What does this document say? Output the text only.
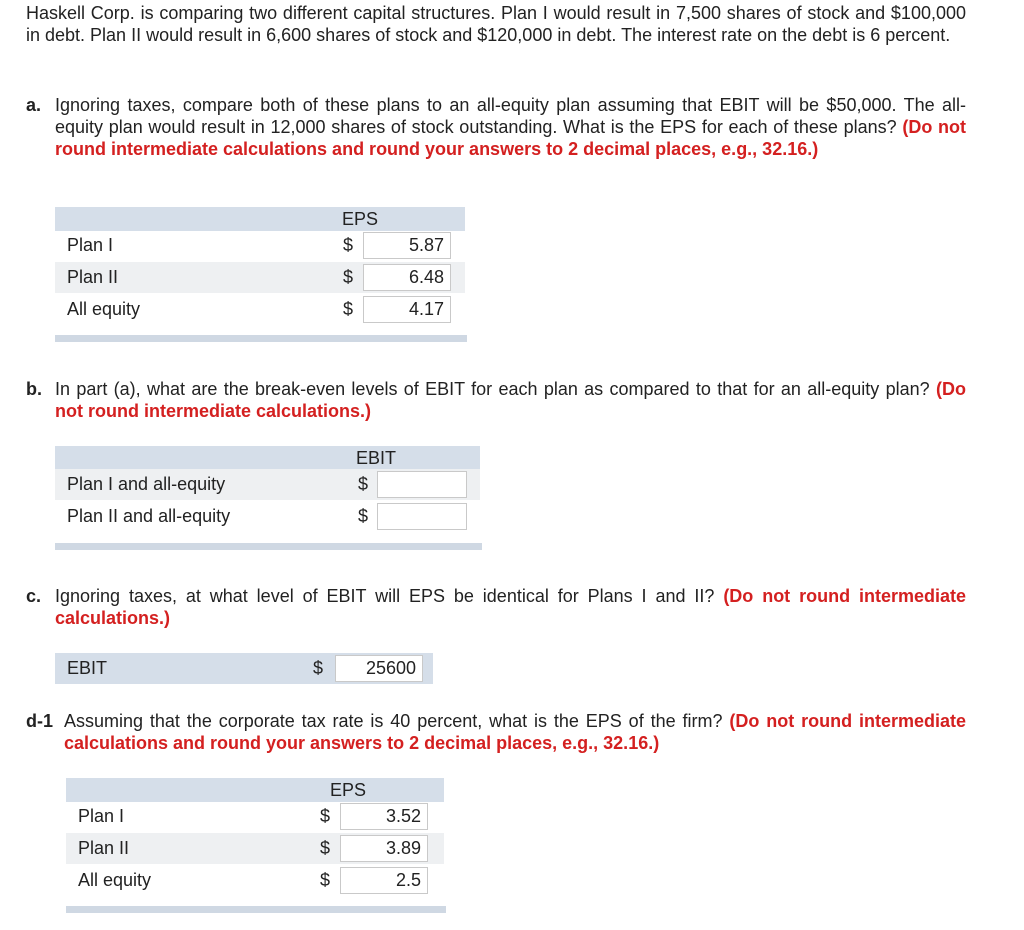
Haskell Corp. is comparing two different capital structures. Plan I would result in 7,500 shares of stock and $100,000 in debt. Plan II would result in 6,600 shares of stock and $120,000 in debt. The interest rate on the debt is 6 percent.
a. Ignoring taxes, compare both of these plans to an all-equity plan assuming that EBIT will be $50,000. The all-equity plan would result in 12,000 shares of stock outstanding. What is the EPS for each of these plans? (Do not round intermediate calculations and round your answers to 2 decimal places, e.g., 32.16.)
EPS
Plan I	$	5.87
Plan II	$	6.48
All equity	$	4.17
b. In part (a), what are the break-even levels of EBIT for each plan as compared to that for an all-equity plan? (Do not round intermediate calculations.)
EBIT
Plan I and all-equity	$
Plan II and all-equity	$
c. Ignoring taxes, at what level of EBIT will EPS be identical for Plans I and II? (Do not round intermediate calculations.)
EBIT	$	25600
d-1 Assuming that the corporate tax rate is 40 percent, what is the EPS of the firm? (Do not round intermediate calculations and round your answers to 2 decimal places, e.g., 32.16.)
EPS
Plan I	$	3.52
Plan II	$	3.89
All equity	$	2.5
